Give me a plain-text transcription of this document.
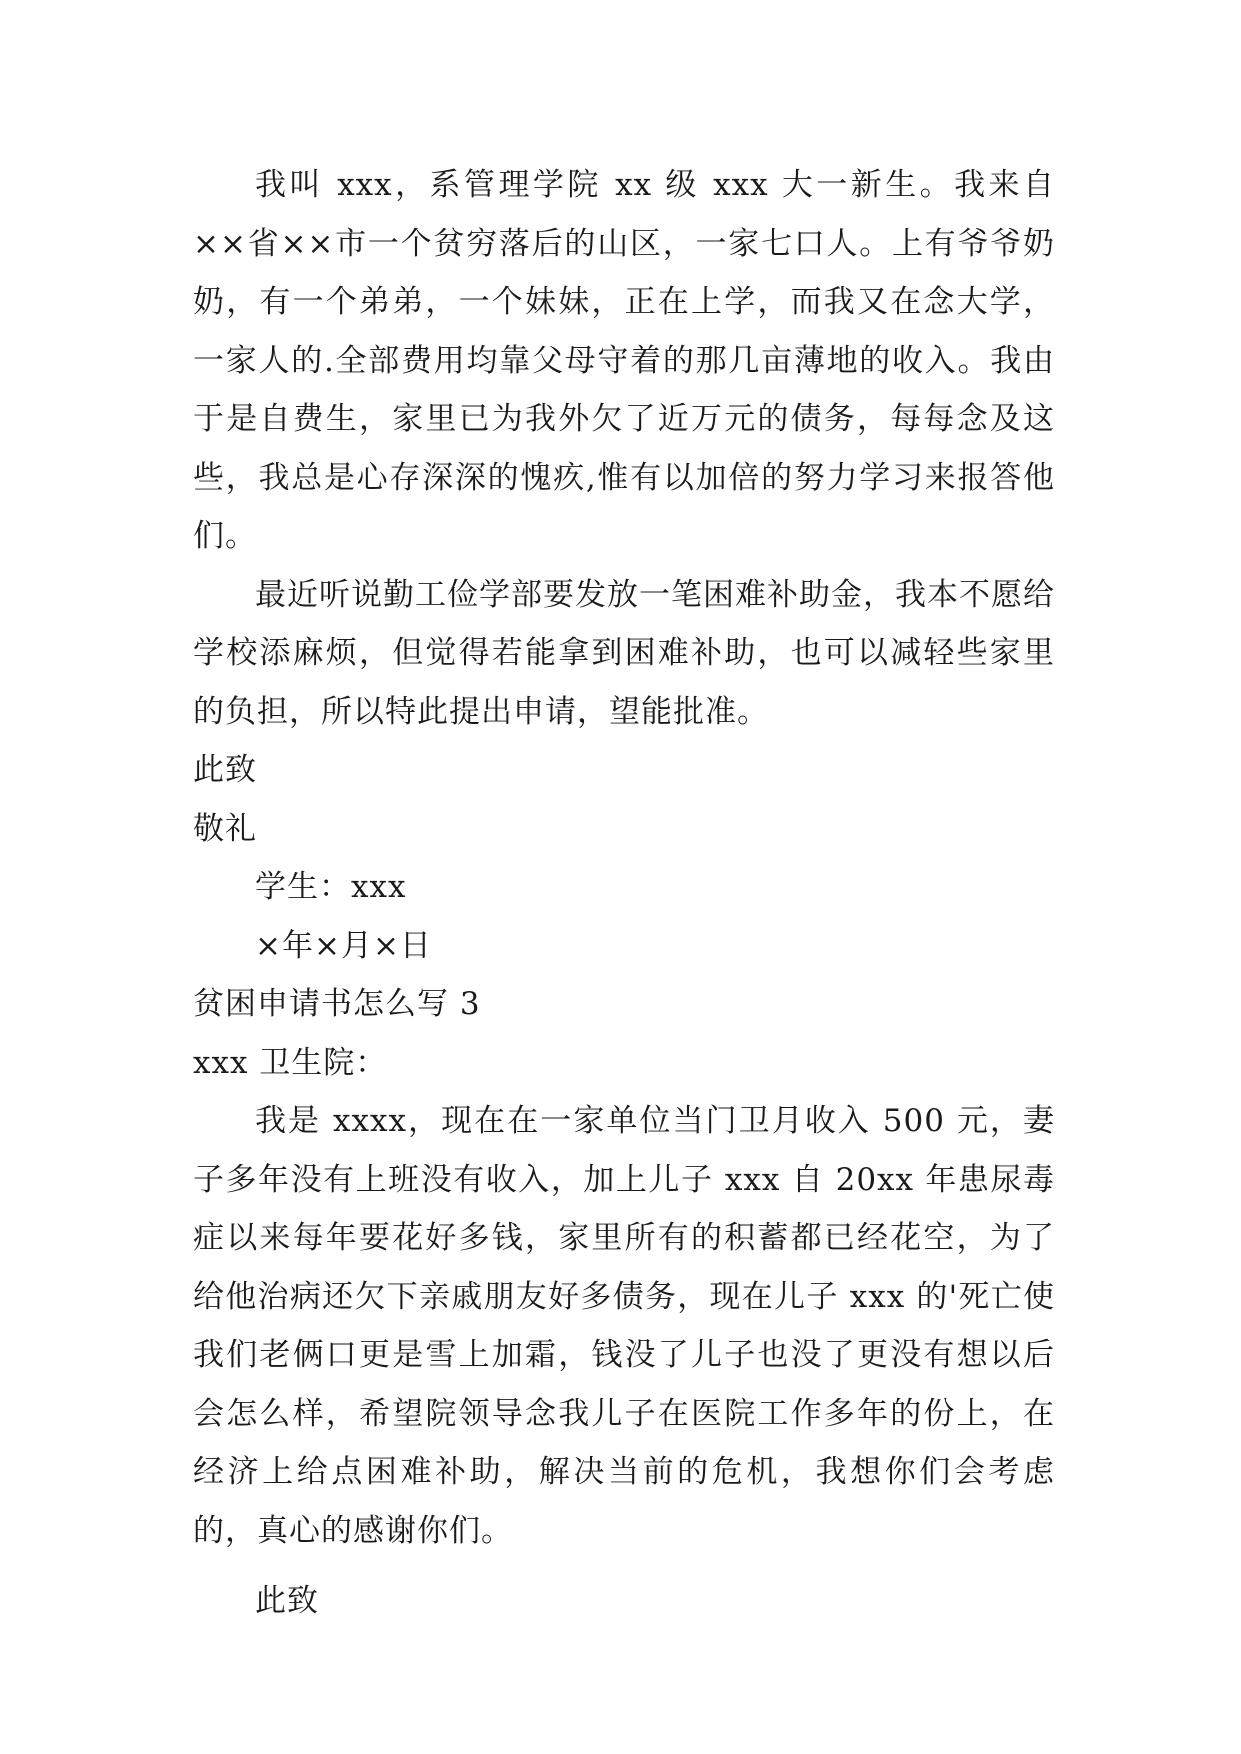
我叫 xxx，系管理学院 xx 级 xxx 大一新生。我来自××省××市一个贫穷落后的山区，一家七口人。上有爷爷奶奶，有一个弟弟，一个妹妹，正在上学，而我又在念大学，一家人的.全部费用均靠父母守着的那几亩薄地的收入。我由于是自费生，家里已为我外欠了近万元的债务，每每念及这些，我总是心存深深的愧疚,惟有以加倍的努力学习来报答他们。

最近听说勤工俭学部要发放一笔困难补助金，我本不愿给学校添麻烦，但觉得若能拿到困难补助，也可以减轻些家里的负担，所以特此提出申请，望能批准。

此致

敬礼

学生：xxx

×年×月×日

贫困申请书怎么写 3

xxx 卫生院：

我是 xxxx，现在在一家单位当门卫月收入 500 元，妻子多年没有上班没有收入，加上儿子 xxx 自 20xx 年患尿毒症以来每年要花好多钱，家里所有的积蓄都已经花空，为了给他治病还欠下亲戚朋友好多债务，现在儿子 xxx 的'死亡使我们老俩口更是雪上加霜，钱没了儿子也没了更没有想以后会怎么样，希望院领导念我儿子在医院工作多年的份上，在经济上给点困难补助，解决当前的危机，我想你们会考虑的，真心的感谢你们。

此致
